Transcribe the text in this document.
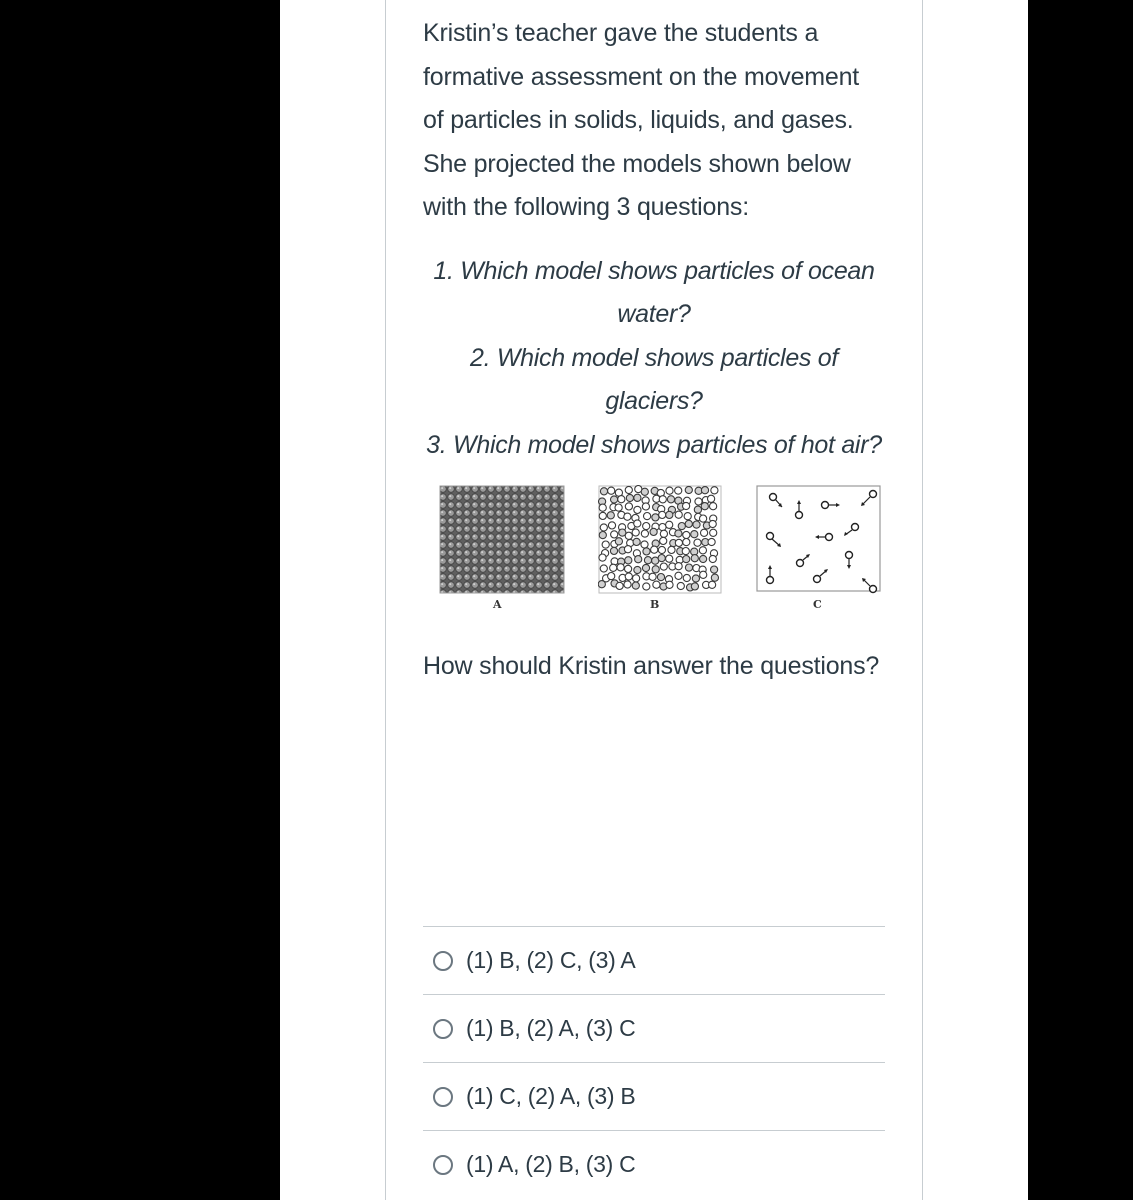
Kristin’s teacher gave the students a formative assessment on the movement of particles in solids, liquids, and gases. She projected the models shown below with the following 3 questions:

1. Which model shows particles of ocean water?
2. Which model shows particles of glaciers?
3. Which model shows particles of hot air?
A	B	C

How should Kristin answer the questions?

(1) B, (2) C, (3) A
(1) B, (2) A, (3) C
(1) C, (2) A, (3) B
(1) A, (2) B, (3) C
